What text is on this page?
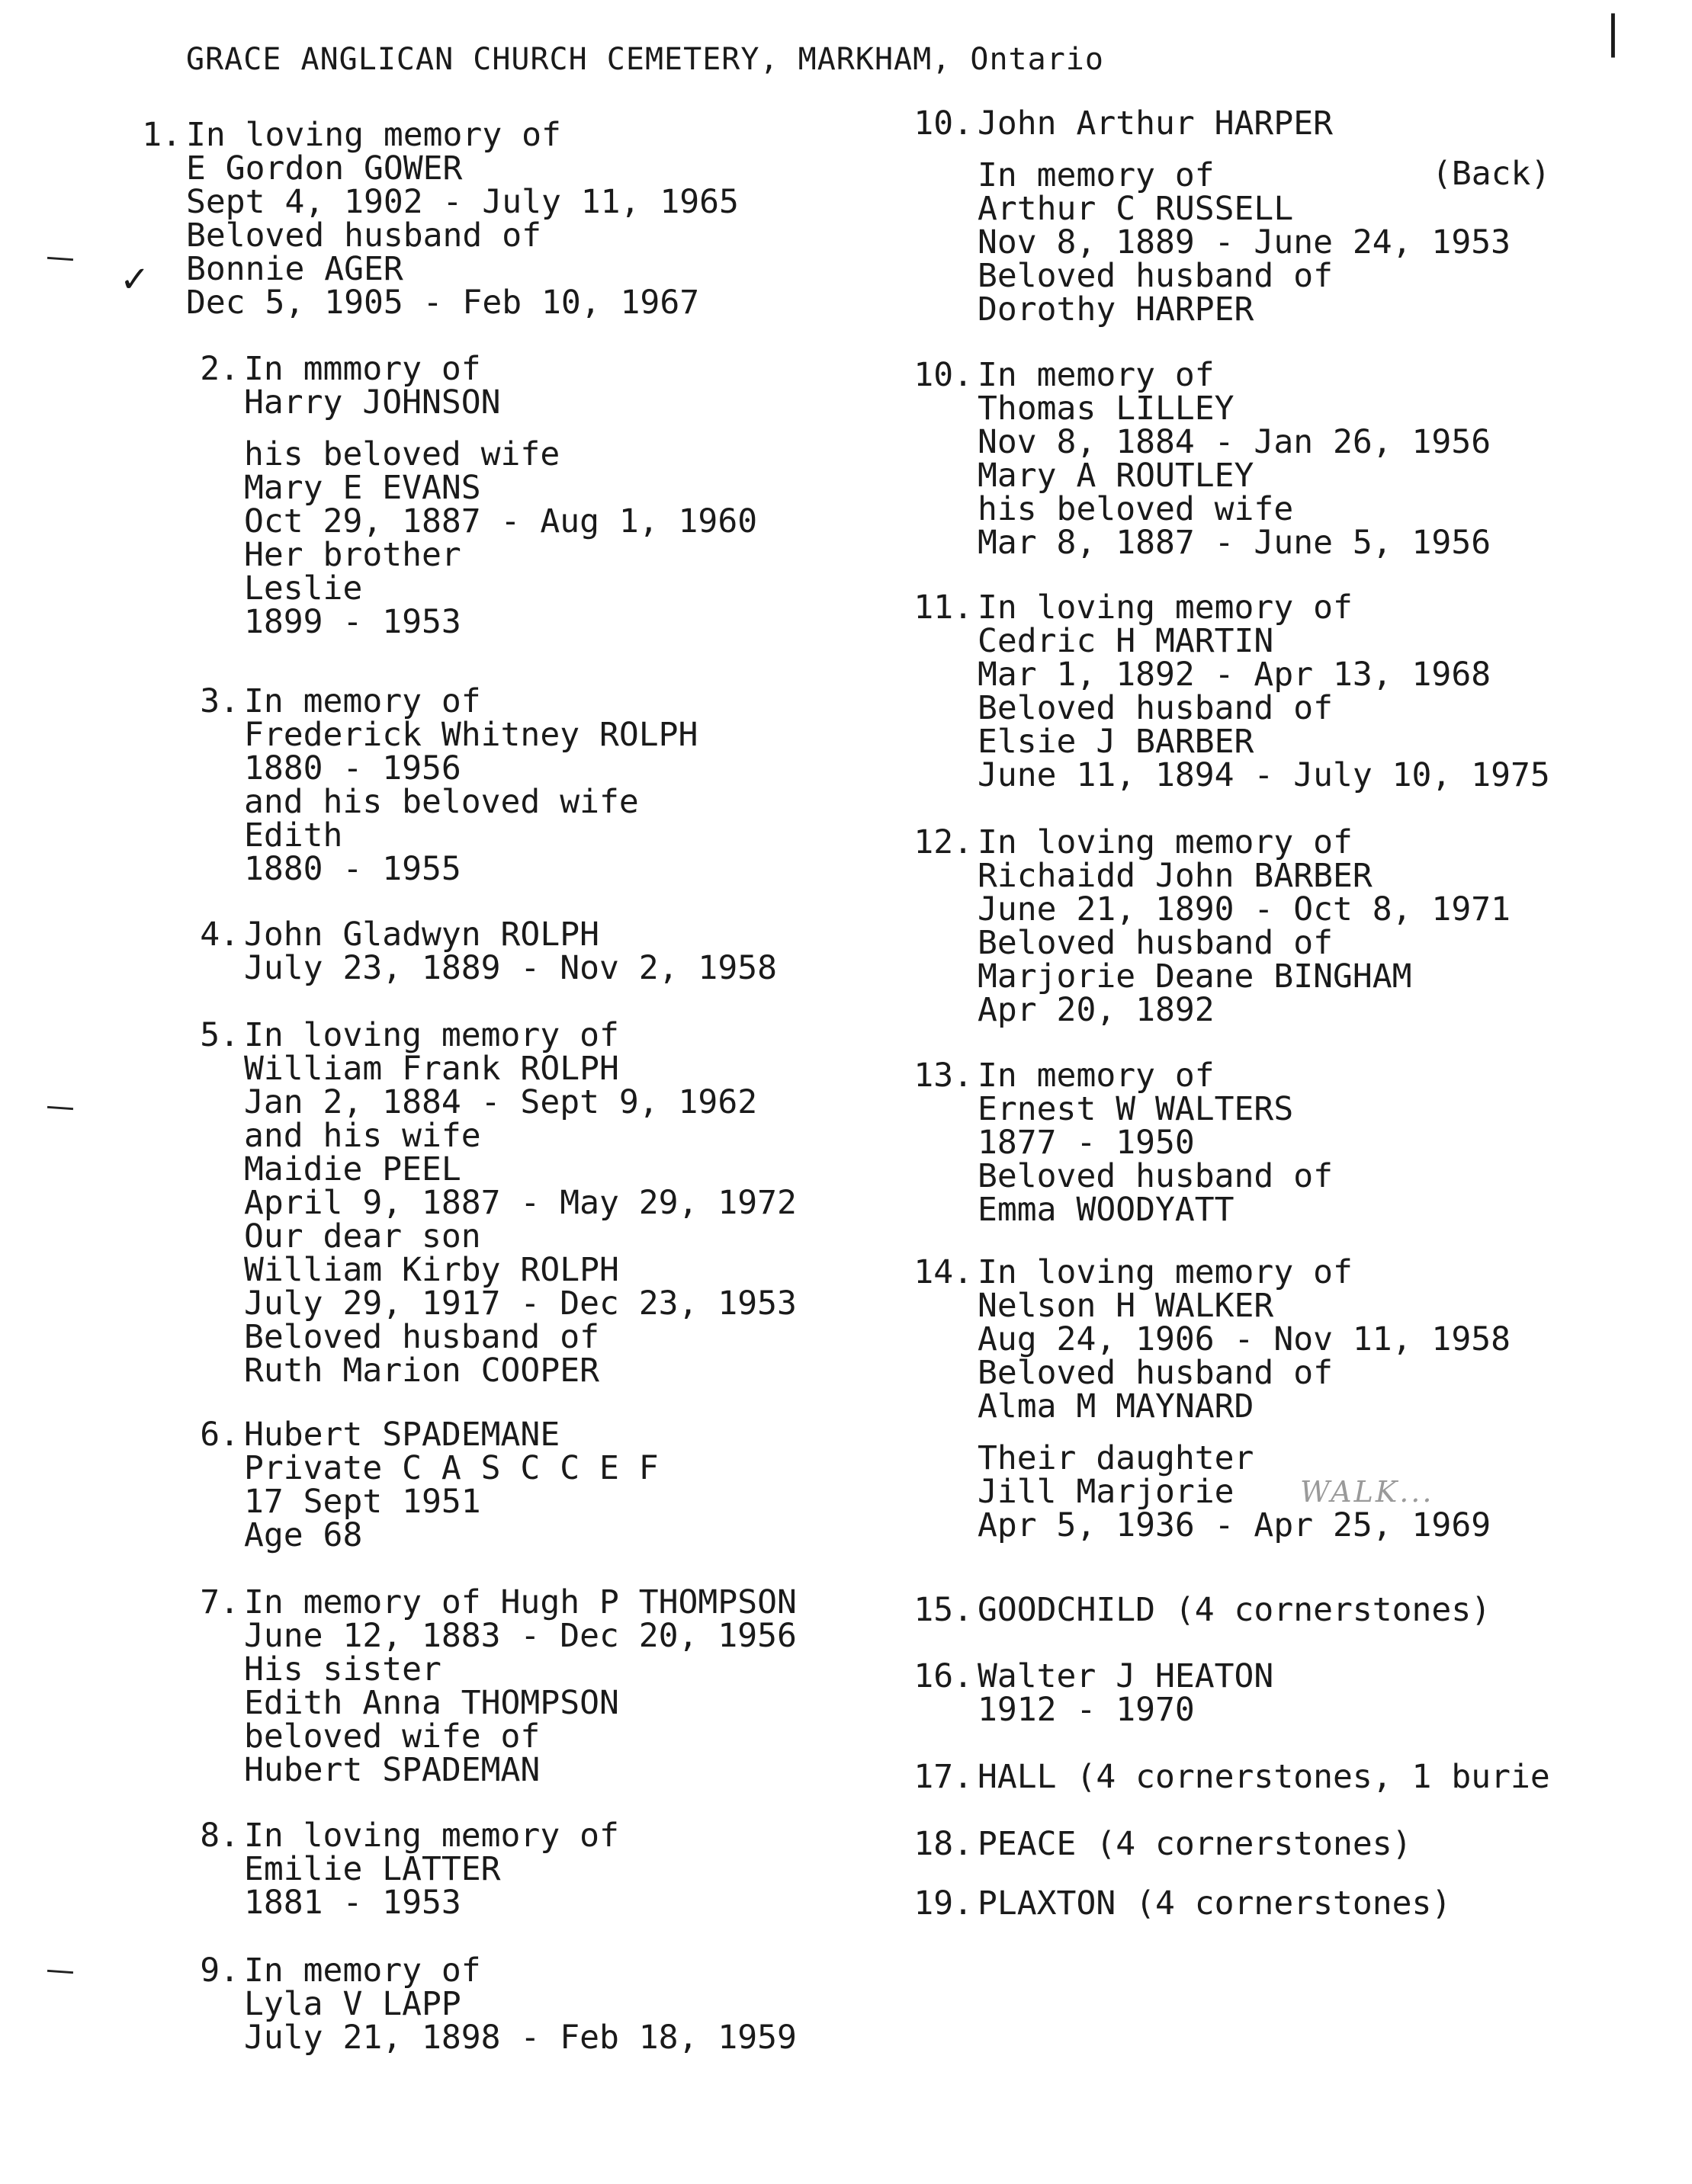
|
GRACE ANGLICAN CHURCH CEMETERY, MARKHAM, Ontario
✓
(Back)
WALK...
1. In loving memory of
E Gordon GOWER
Sept 4, 1902 - July 11, 1965
Beloved husband of
Bonnie AGER
Dec 5, 1905 - Feb 10, 1967
2. In mmmory of
Harry JOHNSON
his beloved wife
Mary E EVANS
Oct 29, 1887 - Aug 1, 1960
Her brother
Leslie
1899 - 1953
3. In memory of
Frederick Whitney ROLPH
1880 - 1956
and his beloved wife
Edith
1880 - 1955
4. John Gladwyn ROLPH
July 23, 1889 - Nov 2, 1958
5. In loving memory of
William Frank ROLPH
Jan 2, 1884 - Sept 9, 1962
and his wife
Maidie PEEL
April 9, 1887 - May 29, 1972
Our dear son
William Kirby ROLPH
July 29, 1917 - Dec 23, 1953
Beloved husband of
Ruth Marion COOPER
6. Hubert SPADEMANE
Private C A S C C E F
17 Sept 1951
Age 68
7. In memory of Hugh P THOMPSON
June 12, 1883 - Dec 20, 1956
His sister
Edith Anna THOMPSON
beloved wife of
Hubert SPADEMAN
8. In loving memory of
Emilie LATTER
1881 - 1953
9. In memory of
Lyla V LAPP
July 21, 1898 - Feb 18, 1959
10. John Arthur HARPER
In memory of
Arthur C RUSSELL
Nov 8, 1889 - June 24, 1953
Beloved husband of
Dorothy HARPER
10. In memory of
Thomas LILLEY
Nov 8, 1884 - Jan 26, 1956
Mary A ROUTLEY
his beloved wife
Mar 8, 1887 - June 5, 1956
11. In loving memory of
Cedric H MARTIN
Mar 1, 1892 - Apr 13, 1968
Beloved husband of
Elsie J BARBER
June 11, 1894 - July 10, 1975
12. In loving memory of
Richaidd John BARBER
June 21, 1890 - Oct 8, 1971
Beloved husband of
Marjorie Deane BINGHAM
Apr 20, 1892
13. In memory of
Ernest W WALTERS
1877 - 1950
Beloved husband of
Emma WOODYATT
14. In loving memory of
Nelson H WALKER
Aug 24, 1906 - Nov 11, 1958
Beloved husband of
Alma M MAYNARD
Their daughter
Jill Marjorie
Apr 5, 1936 - Apr 25, 1969
15. GOODCHILD (4 cornerstones)
16. Walter J HEATON
1912 - 1970
17. HALL (4 cornerstones, 1 burie
18. PEACE (4 cornerstones)
19. PLAXTON (4 cornerstones)
